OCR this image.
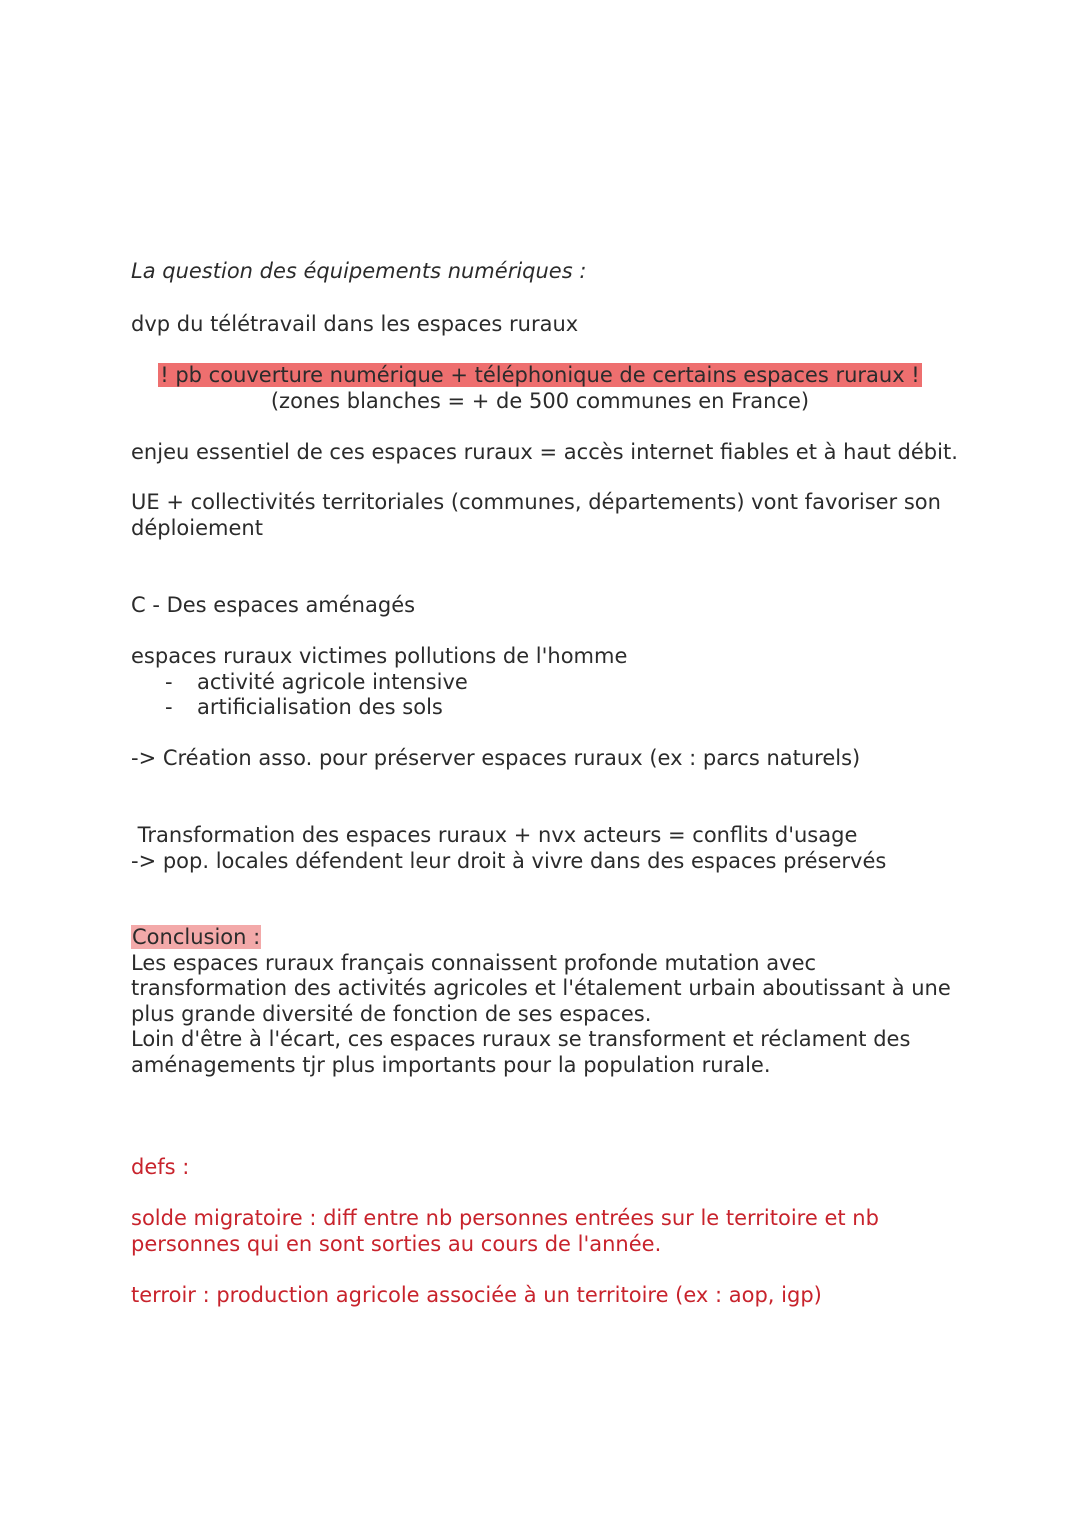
La question des équipements numériques :
dvp du télétravail dans les espaces ruraux
! pb couverture numérique + téléphonique de certains espaces ruraux !
(zones blanches = + de 500 communes en France)
enjeu essentiel de ces espaces ruraux = accès internet fiables et à haut débit.
UE + collectivités territoriales (communes, départements) vont favoriser son
déploiement
C - Des espaces aménagés
espaces ruraux victimes pollutions de l'homme
- activité agricole intensive
- artificialisation des sols
-> Création asso. pour préserver espaces ruraux (ex : parcs naturels)
Transformation des espaces ruraux + nvx acteurs = conflits d'usage
-> pop. locales défendent leur droit à vivre dans des espaces préservés
Conclusion :
Les espaces ruraux français connaissent profonde mutation avec
transformation des activités agricoles et l'étalement urbain aboutissant à une
plus grande diversité de fonction de ses espaces.
Loin d'être à l'écart, ces espaces ruraux se transforment et réclament des
aménagements tjr plus importants pour la population rurale.
defs :
solde migratoire : diff entre nb personnes entrées sur le territoire et nb
personnes qui en sont sorties au cours de l'année.
terroir : production agricole associée à un territoire (ex : aop, igp)
